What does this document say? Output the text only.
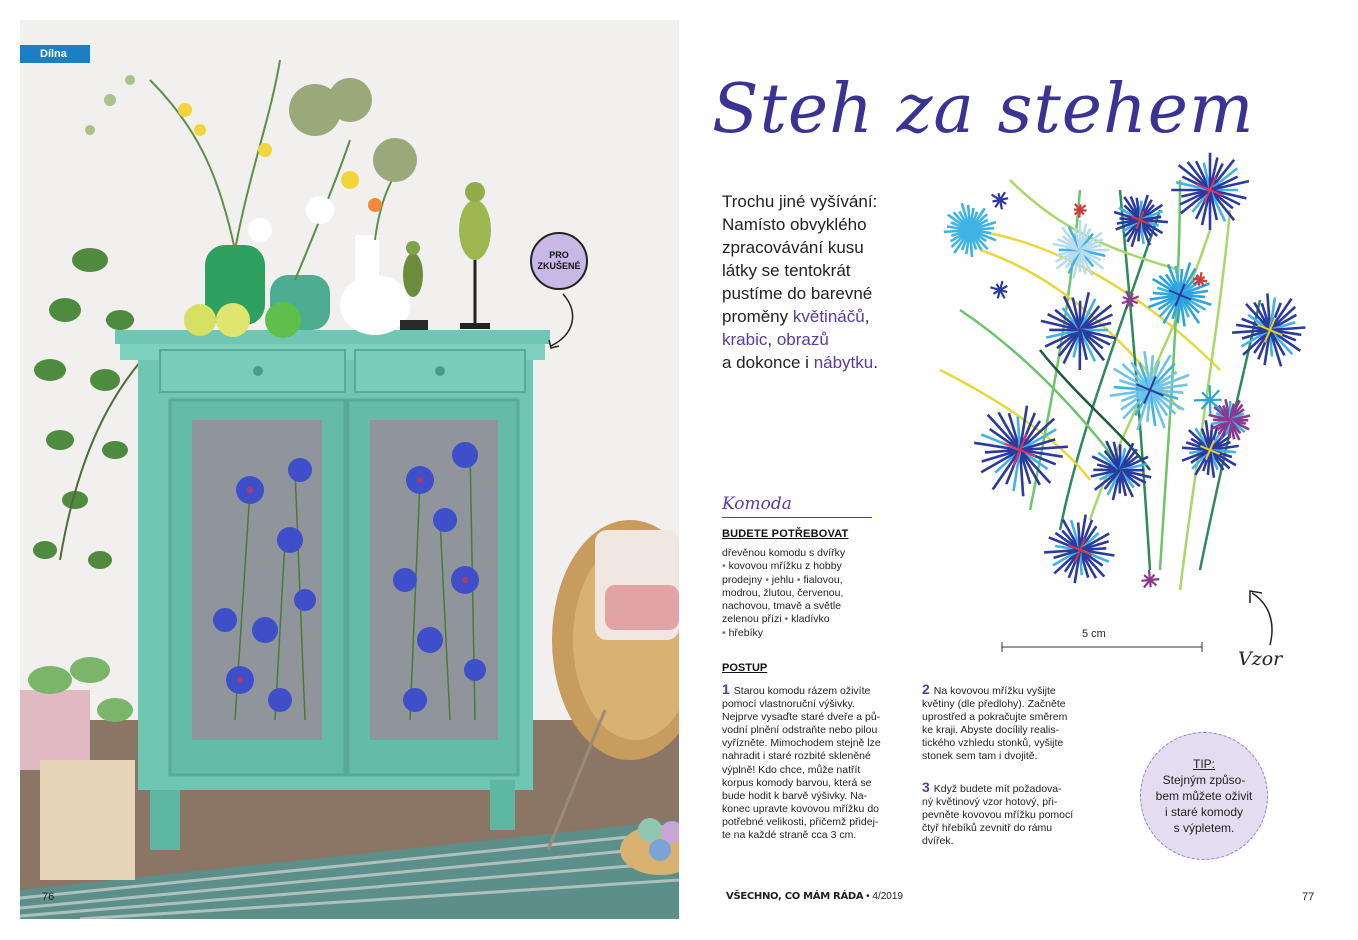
Dílna
PRO
ZKUŠENÉ
76
Steh za stehem
Trochu jiné vyšívání:
Namísto obvyklého
zpracovávání kusu
látky se tentokrát
pustíme do barevné
proměny květináčů,
krabic, obrazů
a dokonce i nábytku.
5 cm
Vzor
Komoda
BUDETE POTŘEBOVAT
dřevěnou komodu s dvířky
• kovovou mřížku z hobby
prodejny • jehlu • fialovou,
modrou, žlutou, červenou,
nachovou, tmavě a světle
zelenou přízi • kladívko
• hřebíky
POSTUP
1 Starou komodu rázem oživíte
pomocí vlastnoruční výšivky.
Nejprve vysaďte staré dveře a pů-
vodní plnění odstraňte nebo pilou
vyřízněte. Mimochodem stejně lze
nahradit i staré rozbité skleněné
výplně! Kdo chce, může natřít
korpus komody barvou, která se
bude hodit k barvě výšivky. Na-
konec upravte kovovou mřížku do
potřebné velikosti, přičemž přidej-
te na každé straně cca 3 cm.
2 Na kovovou mřížku vyšijte
květiny (dle předlohy). Začněte
uprostřed a pokračujte směrem
ke kraji. Abyste docílily realis-
tického vzhledu stonků, vyšijte
stonek sem tam i dvojitě.
3 Když budete mít požadova-
ný květinový vzor hotový, při-
pevněte kovovou mřížku pomocí
čtyř hřebíků zevnitř do rámu
dvířek.
TIP:
Stejným způso-
bem můžete oživit
i staré komody
s výpletem.
VŠECHNO, CO MÁM RÁDA • 4/2019	77
